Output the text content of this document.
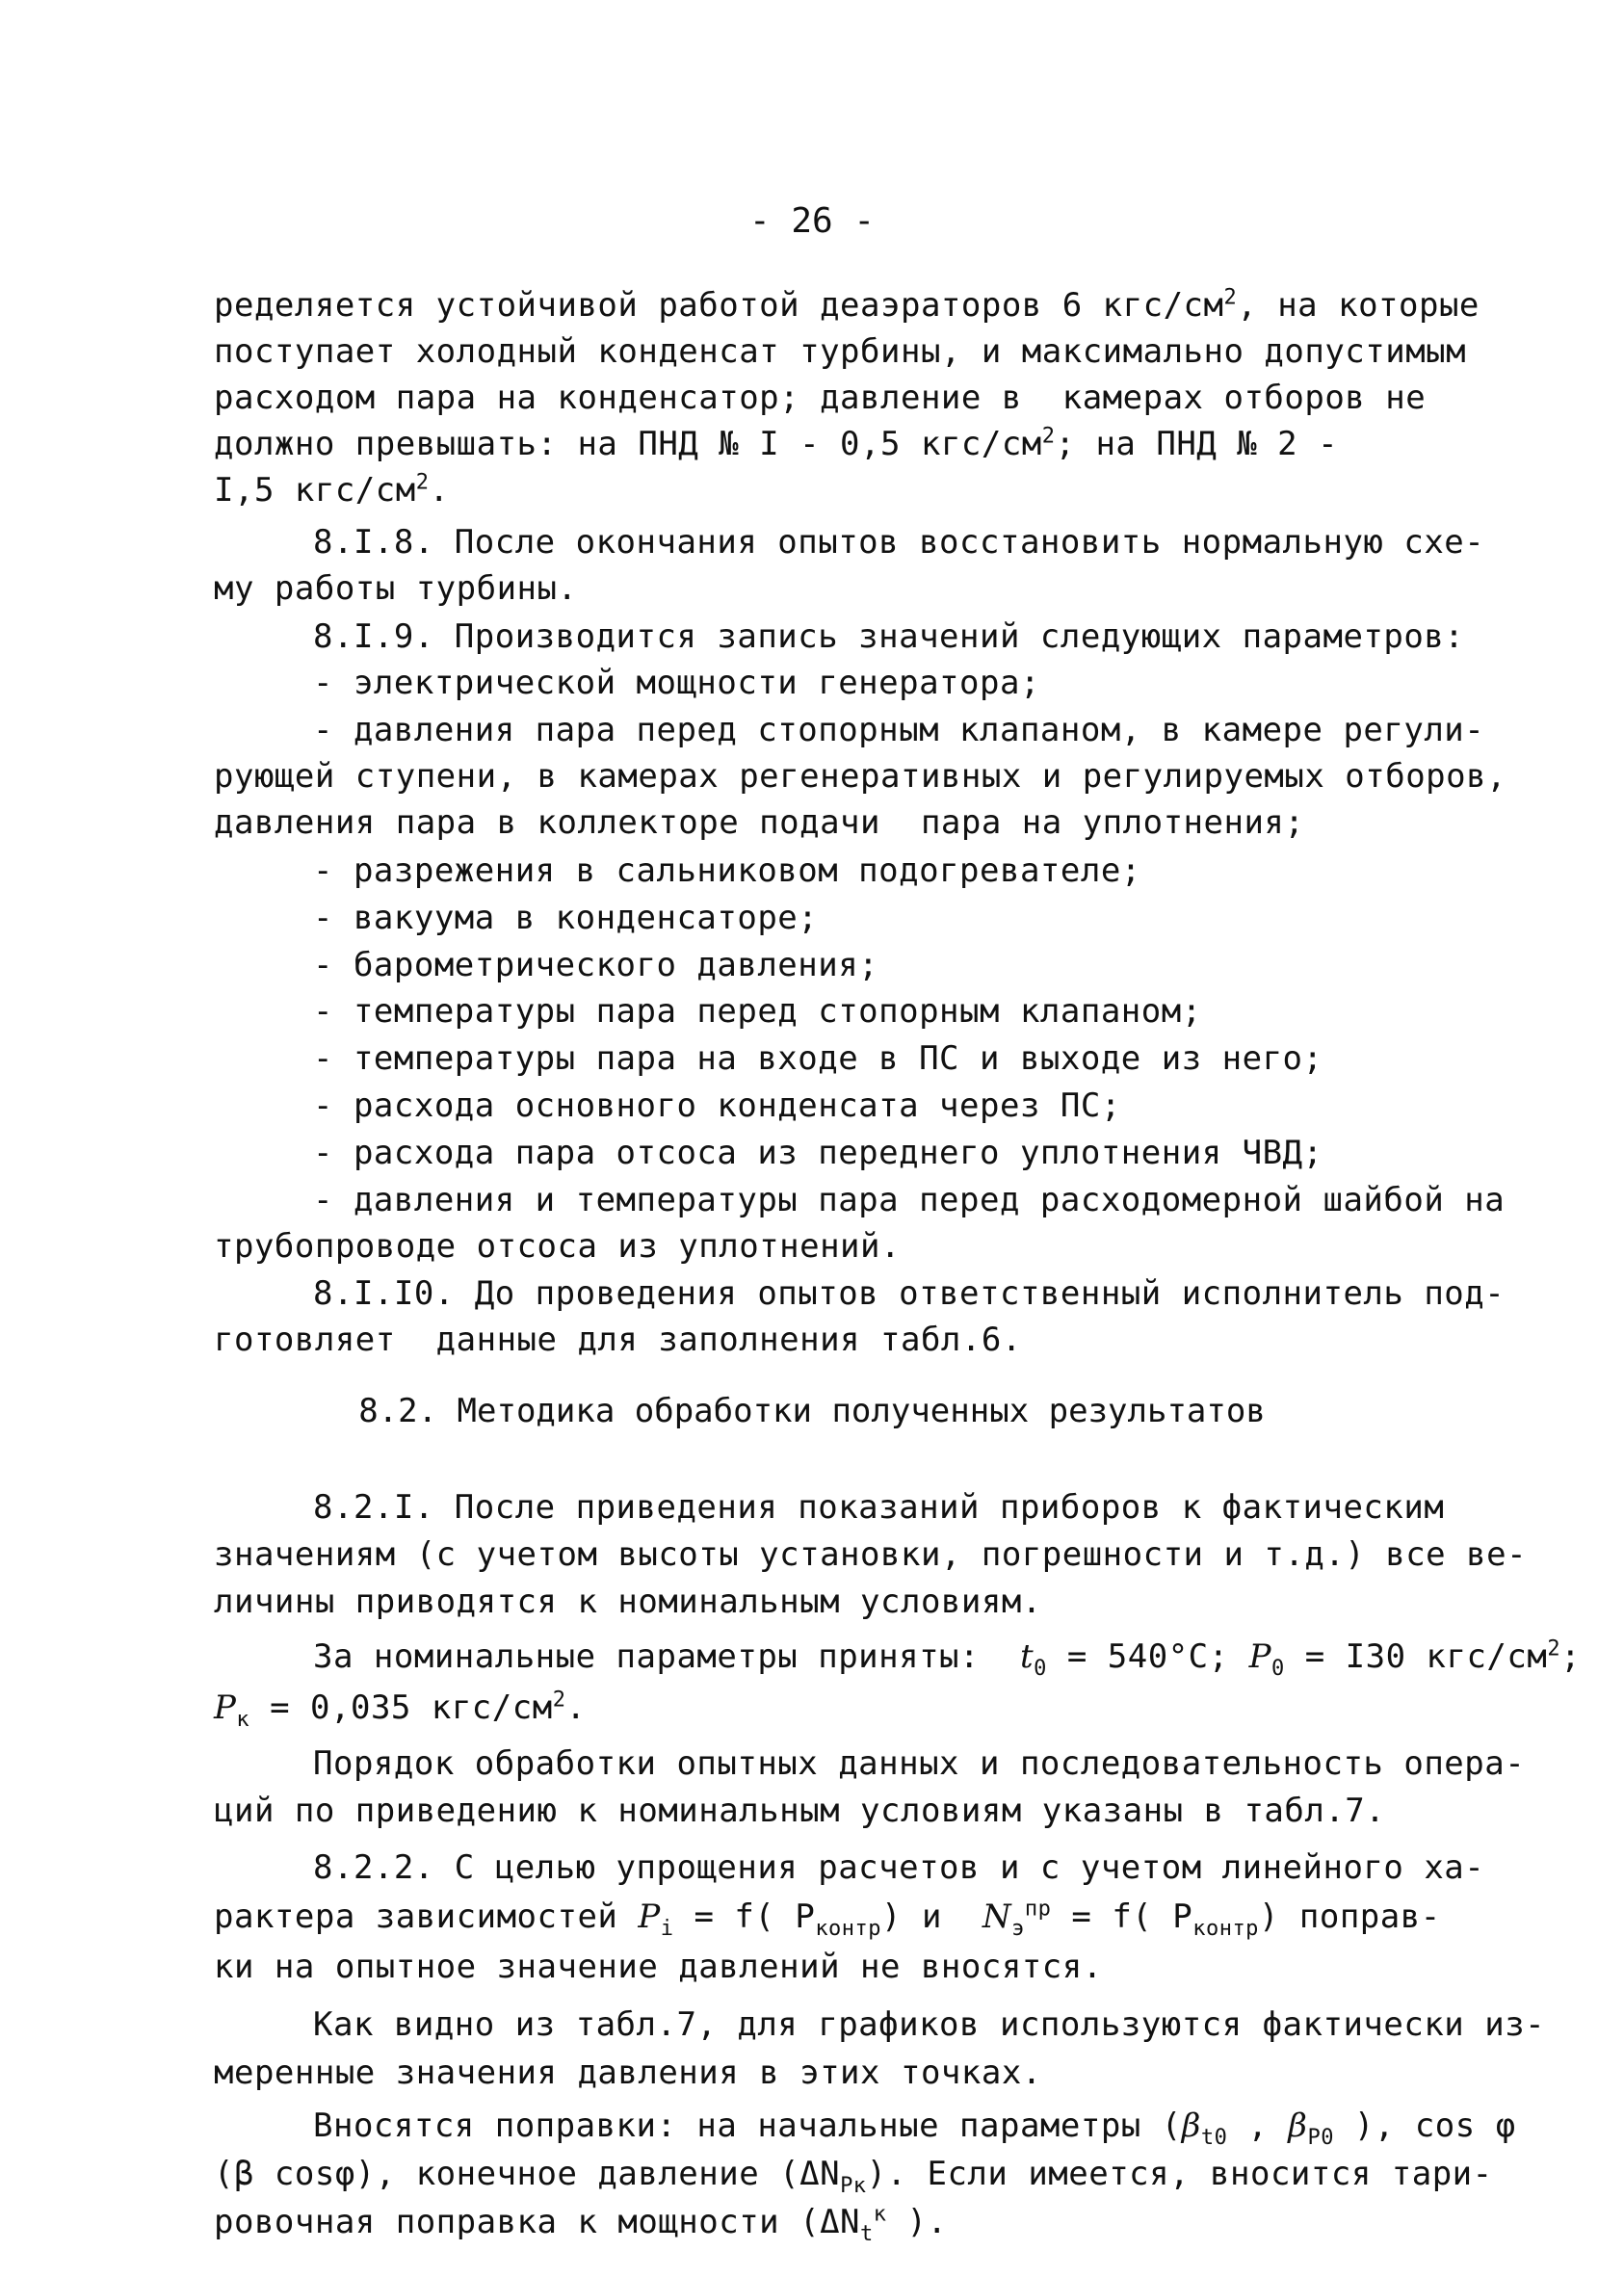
- 26 -
ределяется устойчивой работой деаэраторов 6 кгс/$см^2$, на которые
поступает холодный конденсат турбины, и максимально допустимым
расходом пара на конденсатор; давление в  камерах отборов не
должно превышать: на ПНД № I - 0,5 кгс/$см^2$; на ПНД № 2 -
I,5 кгс/$см^2$.
8.I.8. После окончания опытов восстановить нормальную схе-
му работы турбины.
8.I.9. Производится запись значений следующих параметров:
- электрической мощности генератора;
- давления пара перед стопорным клапаном, в камере регули-
рующей ступени, в камерах регенеративных и регулируемых отборов,
давления пара в коллекторе подачи  пара на уплотнения;
- разрежения в сальниковом подогревателе;
- вакуума в конденсаторе;
- барометрического давления;
- температуры пара перед стопорным клапаном;
- температуры пара на входе в ПС и выходе из него;
- расхода основного конденсата через ПС;
- расхода пара отсоса из переднего уплотнения ЧВД;
- давления и температуры пара перед расходомерной шайбой на
трубопроводе отсоса из уплотнений.
8.I.I0. До проведения опытов ответственный исполнитель под-
готовляет  данные для заполнения табл.6.
8.2. Методика обработки полученных результатов
8.2.I. После приведения показаний приборов к фактическим
значениям (с учетом высоты установки, погрешности и т.д.) все ве-
личины приводятся к номинальным условиям.
За номинальные параметры приняты: $t_0 = 540^\circ С$; $P_0 = I30$ кгс/$см^2$;
$P_к = 0,035$ кгс/$см^2$.
Порядок обработки опытных данных и последовательность опера-
ций по приведению к номинальным условиям указаны в табл.7.
8.2.2. С целью упрощения расчетов и с учетом линейного ха-
рактера зависимостей $P_i = f$( $P_{контр}$) и  $N_э^{пр} = f$( $P_{контр}$) поправ-
ки на опытное значение давлений не вносятся.
Как видно из табл.7, для графиков используются фактически из-
меренные значения давления в этих точках.
Вносятся поправки: на начальные параметры ($\beta_{t0}$ , $\beta_{P0}$ ), cos φ
(β cosφ), конечное давление $(\Delta N_{Pк})$. Если имеется, вносится тари-
ровочная поправка к мощности ($\Delta N_t^к$ ).
